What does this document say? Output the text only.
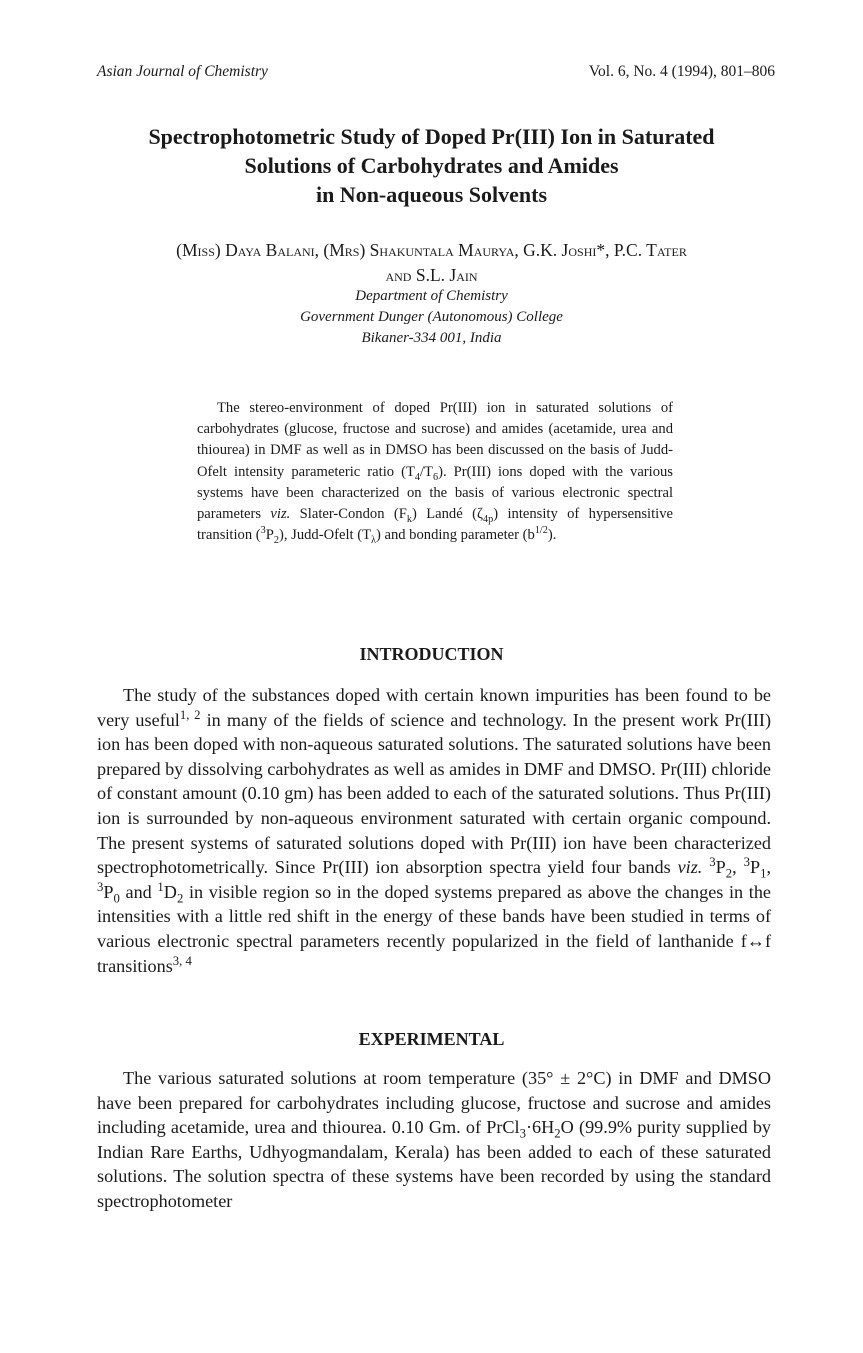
Asian Journal of Chemistry	Vol. 6, No. 4 (1994), 801–806
Spectrophotometric Study of Doped Pr(III) Ion in Saturated
Solutions of Carbohydrates and Amides
in Non-aqueous Solvents
(Miss) Daya Balani, (Mrs) Shakuntala Maurya, G.K. Joshi*, P.C. Tater
and S.L. Jain
Department of Chemistry
Government Dunger (Autonomous) College
Bikaner-334 001, India

The stereo-environment of doped Pr(III) ion in saturated solutions of carbohydrates (glucose, fructose and sucrose) and amides (acetamide, urea and thiourea) in DMF as well as in DMSO has been discussed on the basis of Judd-Ofelt intensity parameteric ratio $(T_4/T_6)$. Pr(III) ions doped with the various systems have been characterized on the basis of various electronic spectral parameters viz. Slater-Condon $(F_k)$ Landé $(\zeta_{4p})$ intensity of hypersensitive transition $(^3P_2)$, Judd-Ofelt $(T_\lambda)$ and bonding parameter $(b^{1/2})$.

INTRODUCTION

The study of the substances doped with certain known impurities has been found to be very useful$^{1, 2}$ in many of the fields of science and technology. In the present work Pr(III) ion has been doped with non-aqueous saturated solutions. The saturated solutions have been prepared by dissolving carbohydrates as well as amides in DMF and DMSO. Pr(III) chloride of constant amount (0.10 gm) has been added to each of the saturated solutions. Thus Pr(III) ion is surrounded by non-aqueous environment saturated with certain organic compound. The present systems of saturated solutions doped with Pr(III) ion have been characterized spectrophotometrically. Since Pr(III) ion absorption spectra yield four bands viz. $^3P_2$, $^3P_1$, $^3P_0$ and $^1D_2$ in visible region so in the doped systems prepared as above the changes in the intensities with a little red shift in the energy of these bands have been studied in terms of various electronic spectral parameters recently popularized in the field of lanthanide f↔f transitions$^{3, 4}$

EXPERIMENTAL

The various saturated solutions at room temperature (35° ± 2°C) in DMF and DMSO have been prepared for carbohydrates including glucose, fructose and sucrose and amides including acetamide, urea and thiourea. 0.10 Gm. of $PrCl_3\cdot 6H_2O$ (99.9% purity supplied by Indian Rare Earths, Udhyogmandalam, Kerala) has been added to each of these saturated solutions. The solution spectra of these systems have been recorded by using the standard spectrophotometer
